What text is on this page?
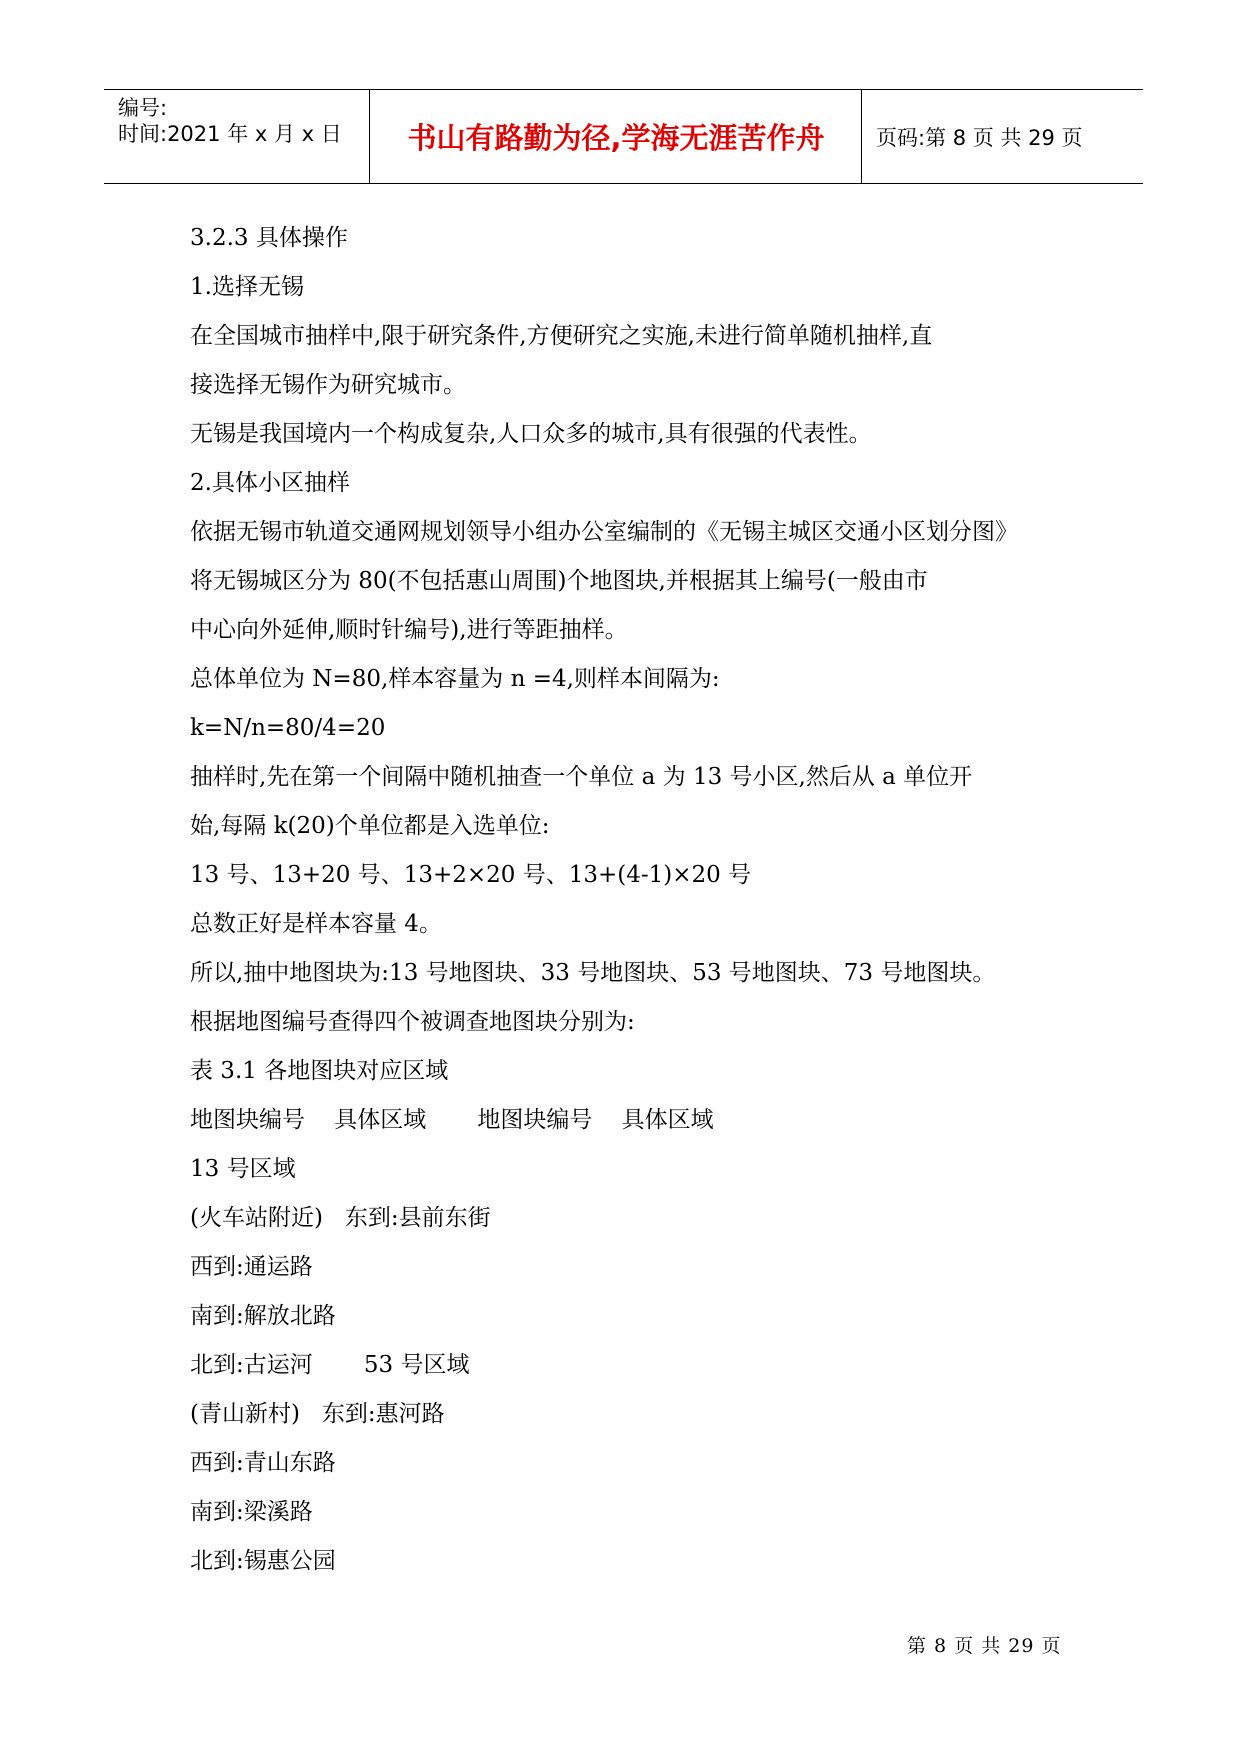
编号:
时间:2021 年 x 月 x 日	书山有路勤为径,学海无涯苦作舟	页码:第 8 页 共 29 页

3.2.3 具体操作

1.选择无锡

在全国城市抽样中,限于研究条件,方便研究之实施,未进行简单随机抽样,直

接选择无锡作为研究城市。

无锡是我国境内一个构成复杂,人口众多的城市,具有很强的代表性。

2.具体小区抽样

依据无锡市轨道交通网规划领导小组办公室编制的《无锡主城区交通小区划分图》

将无锡城区分为 80(不包括惠山周围)个地图块,并根据其上编号(一般由市

中心向外延伸,顺时针编号),进行等距抽样。

总体单位为 N=80,样本容量为 n =4,则样本间隔为:

k=N/n=80/4=20

抽样时,先在第一个间隔中随机抽查一个单位 a 为 13 号小区,然后从 a 单位开

始,每隔 k(20)个单位都是入选单位:

13 号、13+20 号、13+2×20 号、13+(4-1)×20 号

总数正好是样本容量 4。

所以,抽中地图块为:13 号地图块、33 号地图块、53 号地图块、73 号地图块。

根据地图编号查得四个被调查地图块分别为:

表 3.1 各地图块对应区域

地图块编号    具体区域       地图块编号    具体区域

13 号区域

(火车站附近)   东到:县前东街

西到:通运路

南到:解放北路

北到:古运河       53 号区域

(青山新村)   东到:惠河路

西到:青山东路

南到:梁溪路

北到:锡惠公园

第 8 页 共 29 页
